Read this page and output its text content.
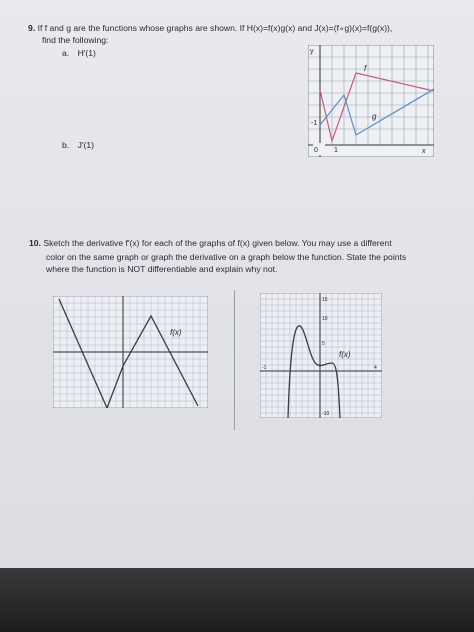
9. If f and g are the functions whose graphs are shown. If H(x)=f(x)g(x) and J(x)=(f∘g)(x)=f(g(x)),
find the following:
a. H′(1)
b. J′(1)
0 1
-1
y
x
f
g
10. Sketch the derivative f′(x) for each of the graphs of f(x) given below. You may use a different
color on the same graph or graph the derivative on a graph below the function. State the points
where the function is NOT differentiable and explain why not.
f(x)
15
10
5
-10
-1	4
f(x)
